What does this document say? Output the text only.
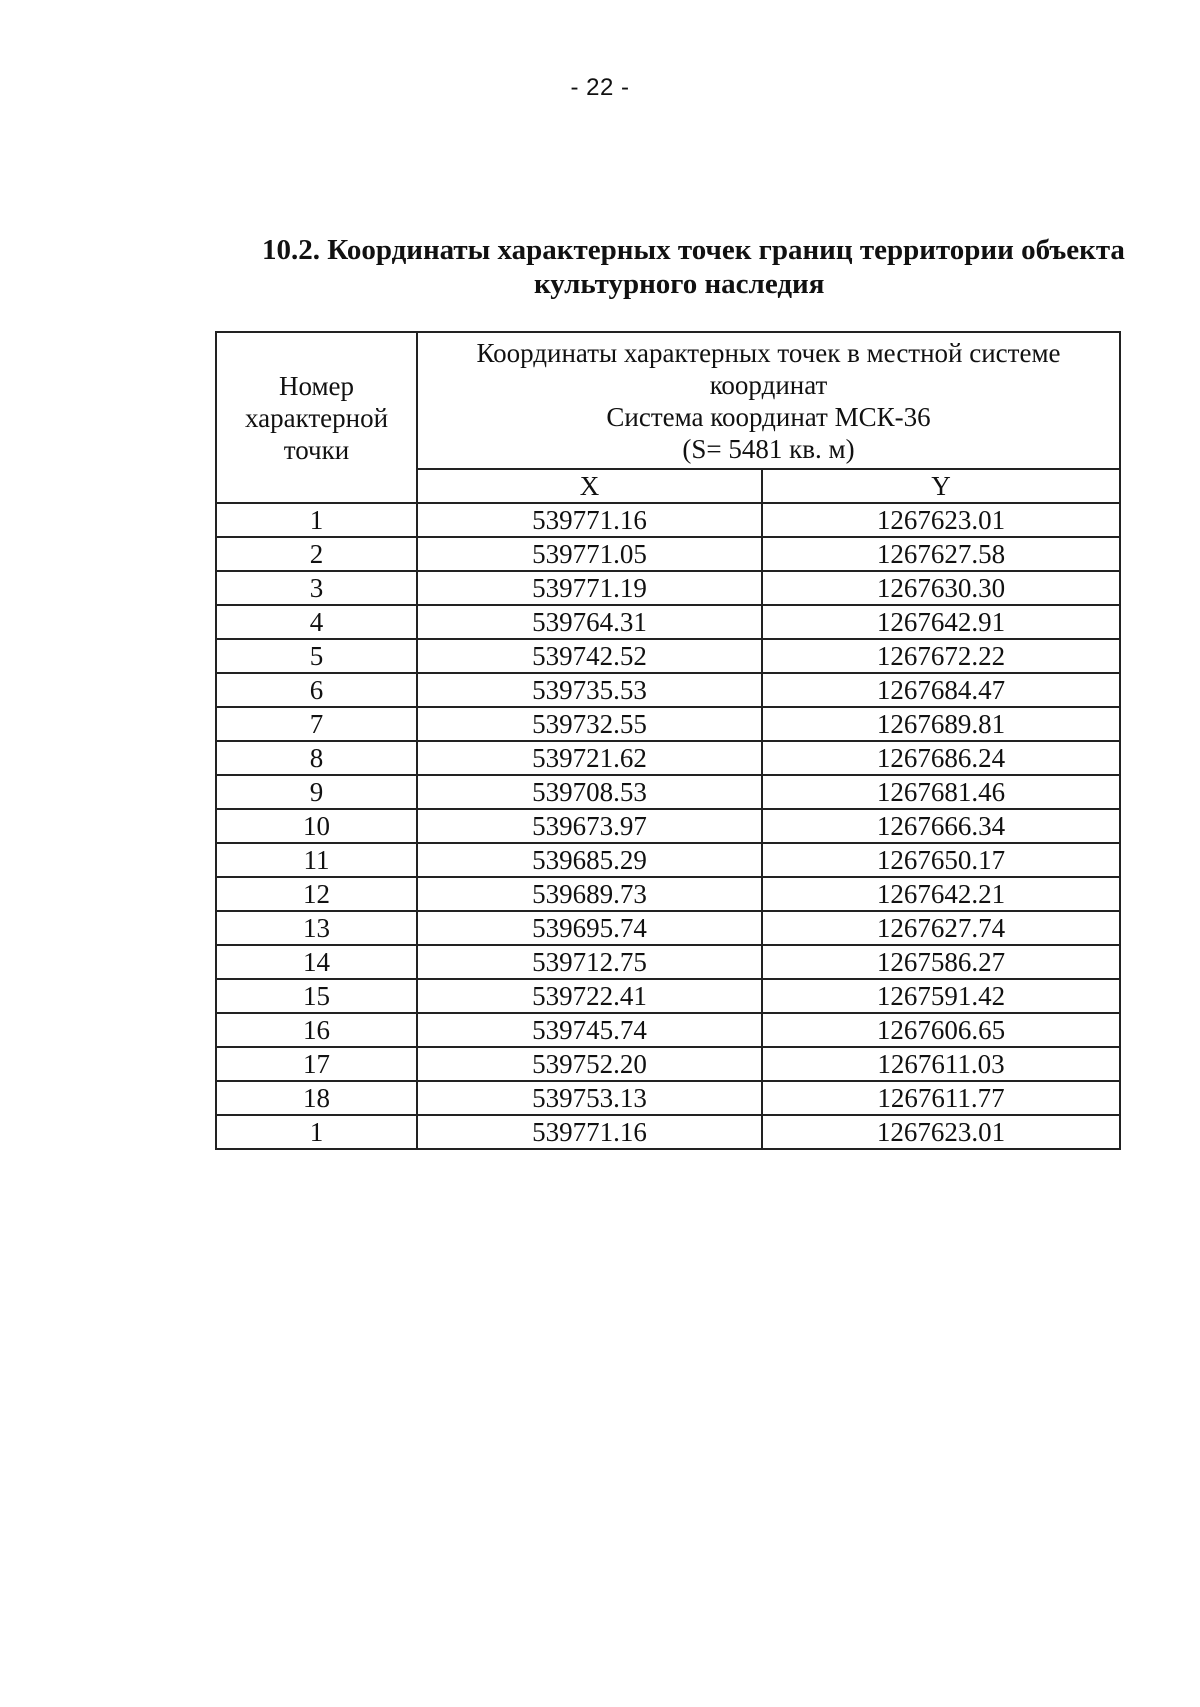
- 22 -
10.2. Координаты характерных точек границ территории объекта
культурного наследия
Номер
характерной
точки	Координаты характерных точек в местной системе
координат
Система координат МСК-36
(S= 5481 кв. м)	

	X	Y
1	539771.16	1267623.01
2	539771.05	1267627.58
3	539771.19	1267630.30
4	539764.31	1267642.91
5	539742.52	1267672.22
6	539735.53	1267684.47
7	539732.55	1267689.81
8	539721.62	1267686.24
9	539708.53	1267681.46
10	539673.97	1267666.34
11	539685.29	1267650.17
12	539689.73	1267642.21
13	539695.74	1267627.74
14	539712.75	1267586.27
15	539722.41	1267591.42
16	539745.74	1267606.65
17	539752.20	1267611.03
18	539753.13	1267611.77
1	539771.16	1267623.01
